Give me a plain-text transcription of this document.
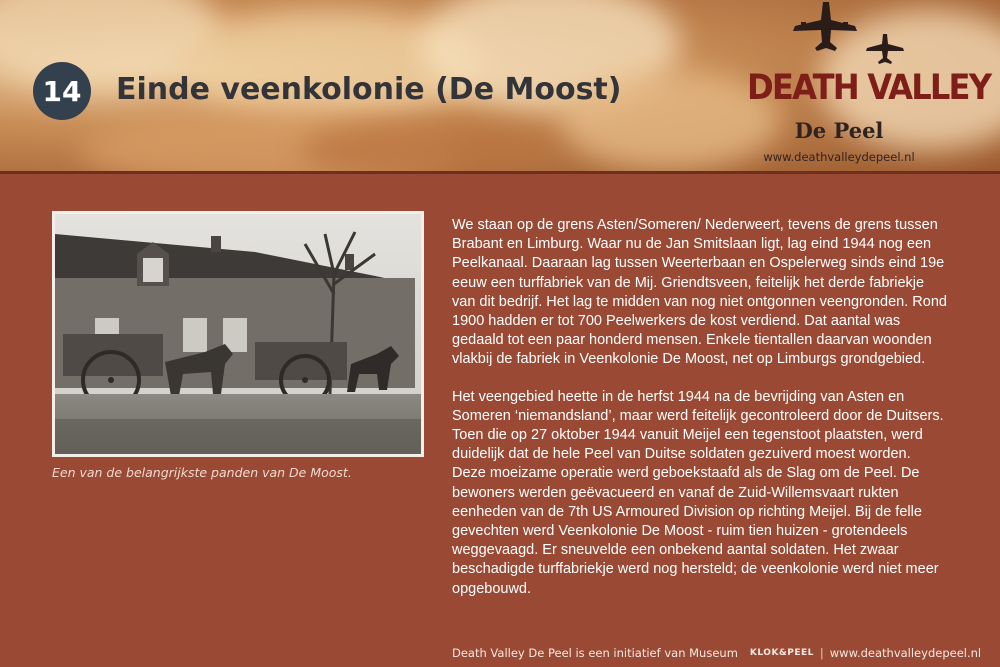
14	Einde veenkolonie (De Moost)	DEATH VALLEY
De Peel
www.deathvalleydepeel.nl
Een van de belangrijkste panden van De Moost.

We staan op de grens Asten/Someren/ Nederweert, tevens de grens tussen Brabant en Limburg. Waar nu de Jan Smitslaan ligt, lag eind 1944 nog een Peelkanaal. Daaraan lag tussen Weerterbaan en Ospelerweg sinds eind 19e eeuw een turffabriek van de Mij. Griendtsveen, feitelijk het derde fabriekje van dit bedrijf. Het lag te midden van nog niet ontgonnen veengronden. Rond 1900 hadden er tot 700 Peelwerkers de kost verdiend. Dat aantal was gedaald tot een paar honderd mensen. Enkele tientallen daarvan woonden vlakbij de fabriek in Veenkolonie De Moost, net op Limburgs grondgebied.

Het veengebied heette in de herfst 1944 na de bevrijding van Asten en Someren ‘niemandsland’, maar werd feitelijk gecontroleerd door de Duitsers. Toen die op 27 oktober 1944 vanuit Meijel een tegenstoot plaatsten, werd duidelijk dat de hele Peel van Duitse soldaten gezuiverd moest worden. Deze moeizame operatie werd geboekstaafd als de Slag om de Peel. De bewoners werden geëvacueerd en vanaf de Zuid-Willemsvaart rukten eenheden van de 7th US Armoured Division op richting Meijel. Bij de felle gevechten werd Veenkolonie De Moost - ruim tien huizen - grotendeels weggevaagd. Er sneuvelde een onbekend aantal soldaten. Het zwaar beschadigde turffabriekje werd nog hersteld; de veenkolonie werd niet meer opgebouwd.

Death Valley De Peel is een initiatief van Museum KLOK&PEEL | www.deathvalleydepeel.nl
